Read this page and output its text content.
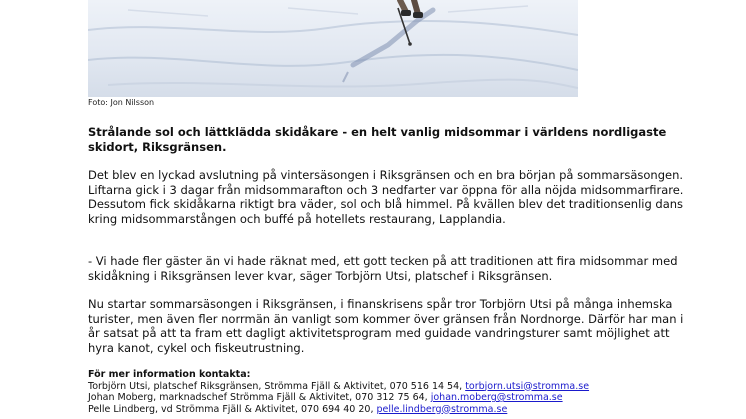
Foto: Jon Nilsson

Strålande sol och lättklädda skidåkare - en helt vanlig midsommar i världens nordligaste skidort, Riksgränsen.

Det blev en lyckad avslutning på vintersäsongen i Riksgränsen och en bra början på sommarsäsongen. Liftarna gick i 3 dagar från midsommarafton och 3 nedfarter var öppna för alla nöjda midsommarfirare. Dessutom fick skidåkarna riktigt bra väder, sol och blå himmel. På kvällen blev det traditionsenlig dans kring midsommarstången och buffé på hotellets restaurang, Lapplandia.

- Vi hade fler gäster än vi hade räknat med, ett gott tecken på att traditionen att fira midsommar med skidåkning i Riksgränsen lever kvar, säger Torbjörn Utsi, platschef i Riksgränsen.

Nu startar sommarsäsongen i Riksgränsen, i finanskrisens spår tror Torbjörn Utsi på många inhemska turister, men även fler norrmän än vanligt som kommer över gränsen från Nordnorge. Därför har man i år satsat på att ta fram ett dagligt aktivitetsprogram med guidade vandringsturer samt möjlighet att hyra kanot, cykel och fiskeutrustning.

För mer information kontakta:
Torbjörn Utsi, platschef Riksgränsen, Strömma Fjäll & Aktivitet, 070 516 14 54, torbjorn.utsi@stromma.se
Johan Moberg, marknadschef Strömma Fjäll & Aktivitet, 070 312 75 64, johan.moberg@stromma.se
Pelle Lindberg, vd Strömma Fjäll & Aktivitet, 070 694 40 20, pelle.lindberg@stromma.se
